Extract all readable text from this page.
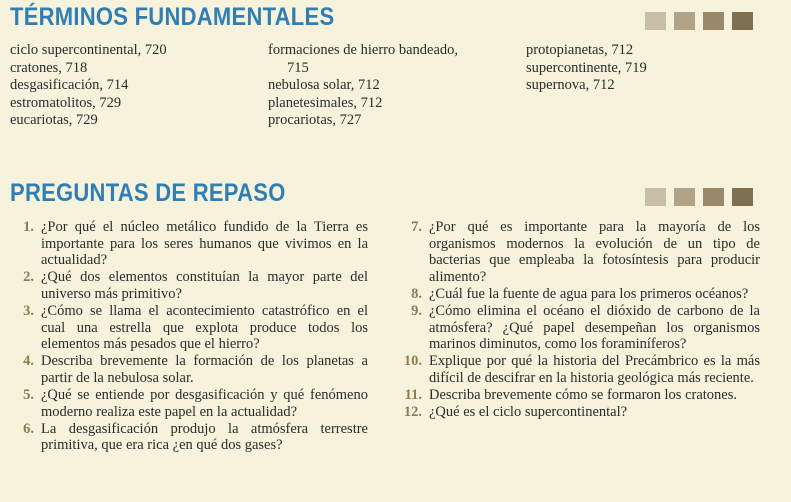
TÉRMINOS FUNDAMENTALES
ciclo supercontinental, 720
cratones, 718
desgasificación, 714
estromatolitos, 729
eucariotas, 729
formaciones de hierro bandeado,
715
nebulosa solar, 712
planetesimales, 712
procariotas, 727
protopianetas, 712
supercontinente, 719
supernova, 712
PREGUNTAS DE REPASO
1. ¿Por qué el núcleo metálico fundido de la Tierra es importante para los seres humanos que vivimos en la actualidad?
2. ¿Qué dos elementos constituían la mayor parte del universo más primitivo?
3. ¿Cómo se llama el acontecimiento catastrófico en el cual una estrella que explota produce todos los elementos más pesados que el hierro?
4. Describa brevemente la formación de los planetas a partir de la nebulosa solar.
5. ¿Qué se entiende por desgasificación y qué fenómeno moderno realiza este papel en la actualidad?
6. La desgasificación produjo la atmósfera terrestre primitiva, que era rica ¿en qué dos gases?
7. ¿Por qué es importante para la mayoría de los organismos modernos la evolución de un tipo de bacterias que empleaba la fotosíntesis para producir alimento?
8. ¿Cuál fue la fuente de agua para los primeros océanos?
9. ¿Cómo elimina el océano el dióxido de carbono de la atmósfera? ¿Qué papel desempeñan los organismos marinos diminutos, como los foraminíferos?
10. Explique por qué la historia del Precámbrico es la más difícil de descifrar en la historia geológica más reciente.
11. Describa brevemente cómo se formaron los cratones.
12. ¿Qué es el ciclo supercontinental?
